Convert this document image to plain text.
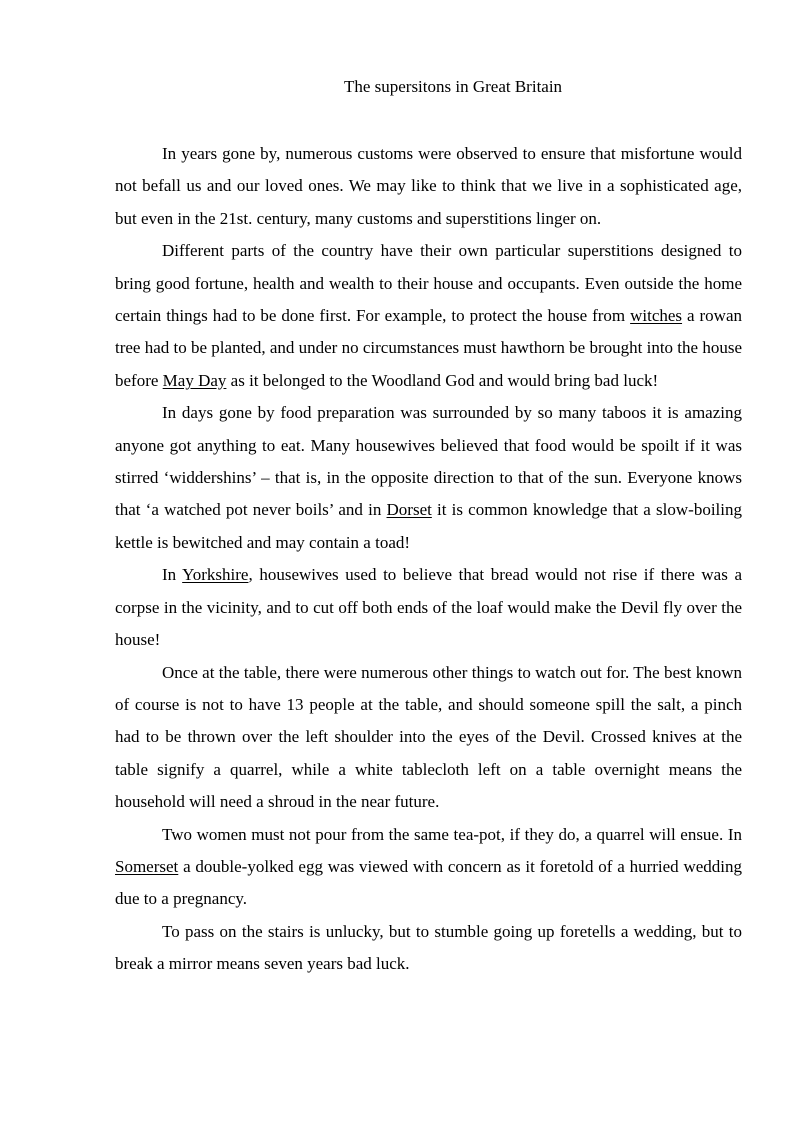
The supersitons in Great Britain

In years gone by, numerous customs were observed to ensure that misfortune would not befall us and our loved ones. We may like to think that we live in a sophisticated age, but even in the 21st. century, many customs and superstitions linger on.

Different parts of the country have their own particular superstitions designed to bring good fortune, health and wealth to their house and occupants. Even outside the home certain things had to be done first. For example, to protect the house from witches a rowan tree had to be planted, and under no circumstances must hawthorn be brought into the house before May Day as it belonged to the Woodland God and would bring bad luck!

In days gone by food preparation was surrounded by so many taboos it is amazing anyone got anything to eat. Many housewives believed that food would be spoilt if it was stirred ‘widdershins’ – that is, in the opposite direction to that of the sun. Everyone knows that ‘a watched pot never boils’ and in Dorset it is common knowledge that a slow-boiling kettle is bewitched and may contain a toad!

In Yorkshire, housewives used to believe that bread would not rise if there was a corpse in the vicinity, and to cut off both ends of the loaf would make the Devil fly over the house!

Once at the table, there were numerous other things to watch out for. The best known of course is not to have 13 people at the table, and should someone spill the salt, a pinch had to be thrown over the left shoulder into the eyes of the Devil. Crossed knives at the table signify a quarrel, while a white tablecloth left on a table overnight means the household will need a shroud in the near future.

Two women must not pour from the same tea-pot, if they do, a quarrel will ensue. In Somerset a double-yolked egg was viewed with concern as it foretold of a hurried wedding due to a pregnancy.

To pass on the stairs is unlucky, but to stumble going up foretells a wedding, but to break a mirror means seven years bad luck.
